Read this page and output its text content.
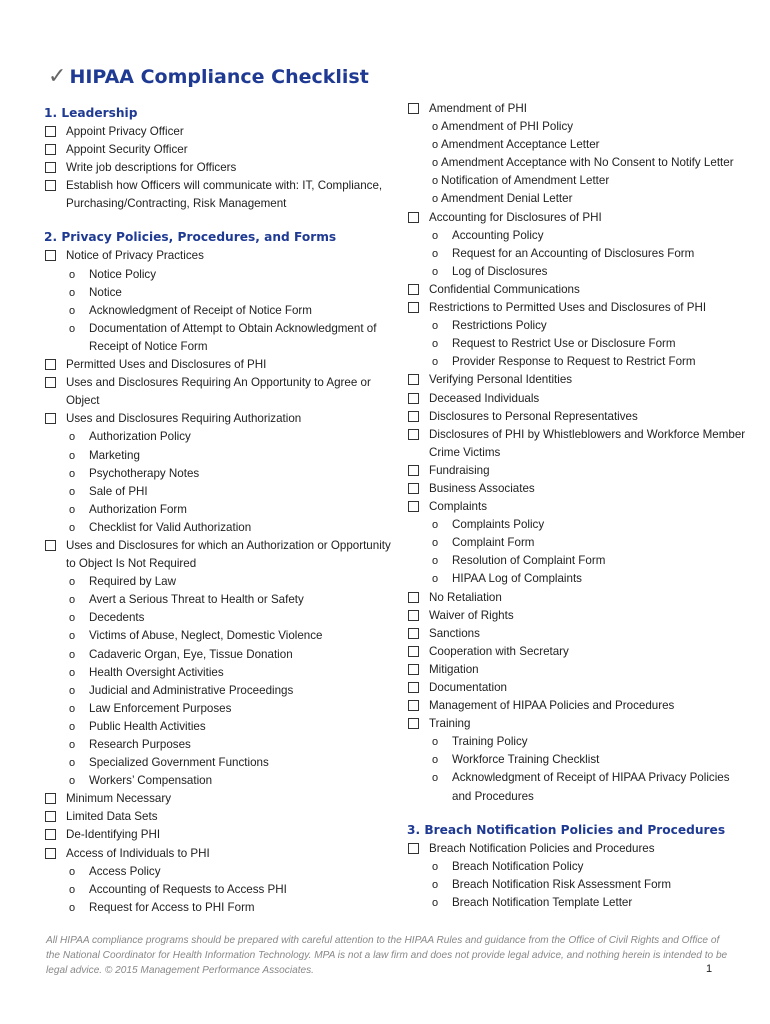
✓ HIPAA Compliance Checklist
1. Leadership
Appoint Privacy Officer
Appoint Security Officer
Write job descriptions for Officers
Establish how Officers will communicate with: IT, Compliance, Purchasing/Contracting, Risk Management
2. Privacy Policies, Procedures, and Forms
Notice of Privacy Practices
o Notice Policy
o Notice
o Acknowledgment of Receipt of Notice Form
o Documentation of Attempt to Obtain Acknowledgment of Receipt of Notice Form
Permitted Uses and Disclosures of PHI
Uses and Disclosures Requiring An Opportunity to Agree or Object
Uses and Disclosures Requiring Authorization
o Authorization Policy
o Marketing
o Psychotherapy Notes
o Sale of PHI
o Authorization Form
o Checklist for Valid Authorization
Uses and Disclosures for which an Authorization or Opportunity to Object Is Not Required
o Required by Law
o Avert a Serious Threat to Health or Safety
o Decedents
o Victims of Abuse, Neglect, Domestic Violence
o Cadaveric Organ, Eye, Tissue Donation
o Health Oversight Activities
o Judicial and Administrative Proceedings
o Law Enforcement Purposes
o Public Health Activities
o Research Purposes
o Specialized Government Functions
o Workers’ Compensation
Minimum Necessary
Limited Data Sets
De-Identifying PHI
Access of Individuals to PHI
o Access Policy
o Accounting of Requests to Access PHI
o Request for Access to PHI Form
Amendment of PHI
o Amendment of PHI Policy
o Amendment Acceptance Letter
o Amendment Acceptance with No Consent to Notify Letter
o Notification of Amendment Letter
o Amendment Denial Letter
Accounting for Disclosures of PHI
o Accounting Policy
o Request for an Accounting of Disclosures Form
o Log of Disclosures
Confidential Communications
Restrictions to Permitted Uses and Disclosures of PHI
o Restrictions Policy
o Request to Restrict Use or Disclosure Form
o Provider Response to Request to Restrict Form
Verifying Personal Identities
Deceased Individuals
Disclosures to Personal Representatives
Disclosures of PHI by Whistleblowers and Workforce Member Crime Victims
Fundraising
Business Associates
Complaints
o Complaints Policy
o Complaint Form
o Resolution of Complaint Form
o HIPAA Log of Complaints
No Retaliation
Waiver of Rights
Sanctions
Cooperation with Secretary
Mitigation
Documentation
Management of HIPAA Policies and Procedures
Training
o Training Policy
o Workforce Training Checklist
o Acknowledgment of Receipt of HIPAA Privacy Policies and Procedures
3. Breach Notification Policies and Procedures
Breach Notification Policies and Procedures
o Breach Notification Policy
o Breach Notification Risk Assessment Form
o Breach Notification Template Letter
All HIPAA compliance programs should be prepared with careful attention to the HIPAA Rules and guidance from the Office of Civil Rights and Office of the National Coordinator for Health Information Technology. MPA is not a law firm and does not provide legal advice, and nothing herein is intended to be legal advice. © 2015 Management Performance Associates.	1
